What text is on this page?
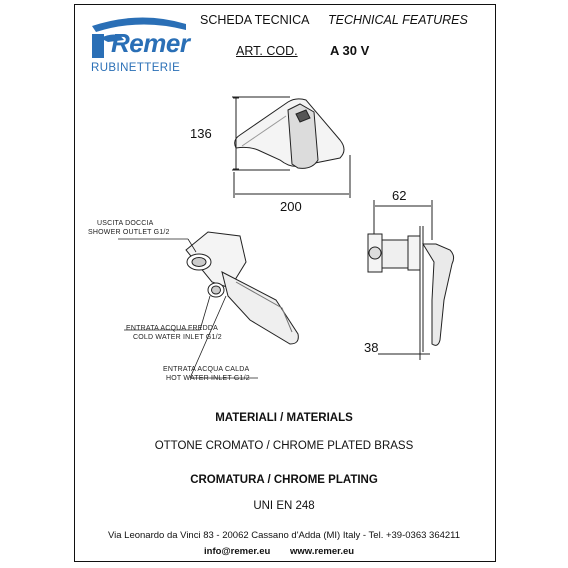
Remer
RUBINETTERIE
SCHEDA TECNICA TECHNICAL FEATURES
ART. COD. A 30 V
136
200
62
38
USCITA DOCCIA
SHOWER OUTLET G1/2
ENTRATA ACQUA FREDDA
COLD WATER INLET G1/2
ENTRATA ACQUA CALDA
HOT WATER INLET G1/2
MATERIALI / MATERIALS
OTTONE CROMATO / CHROME PLATED BRASS
CROMATURA / CHROME PLATING
UNI EN 248
Via Leonardo da Vinci 83 - 20062 Cassano d'Adda (MI) Italy - Tel. +39-0363 364211
info@remer.eu www.remer.eu
